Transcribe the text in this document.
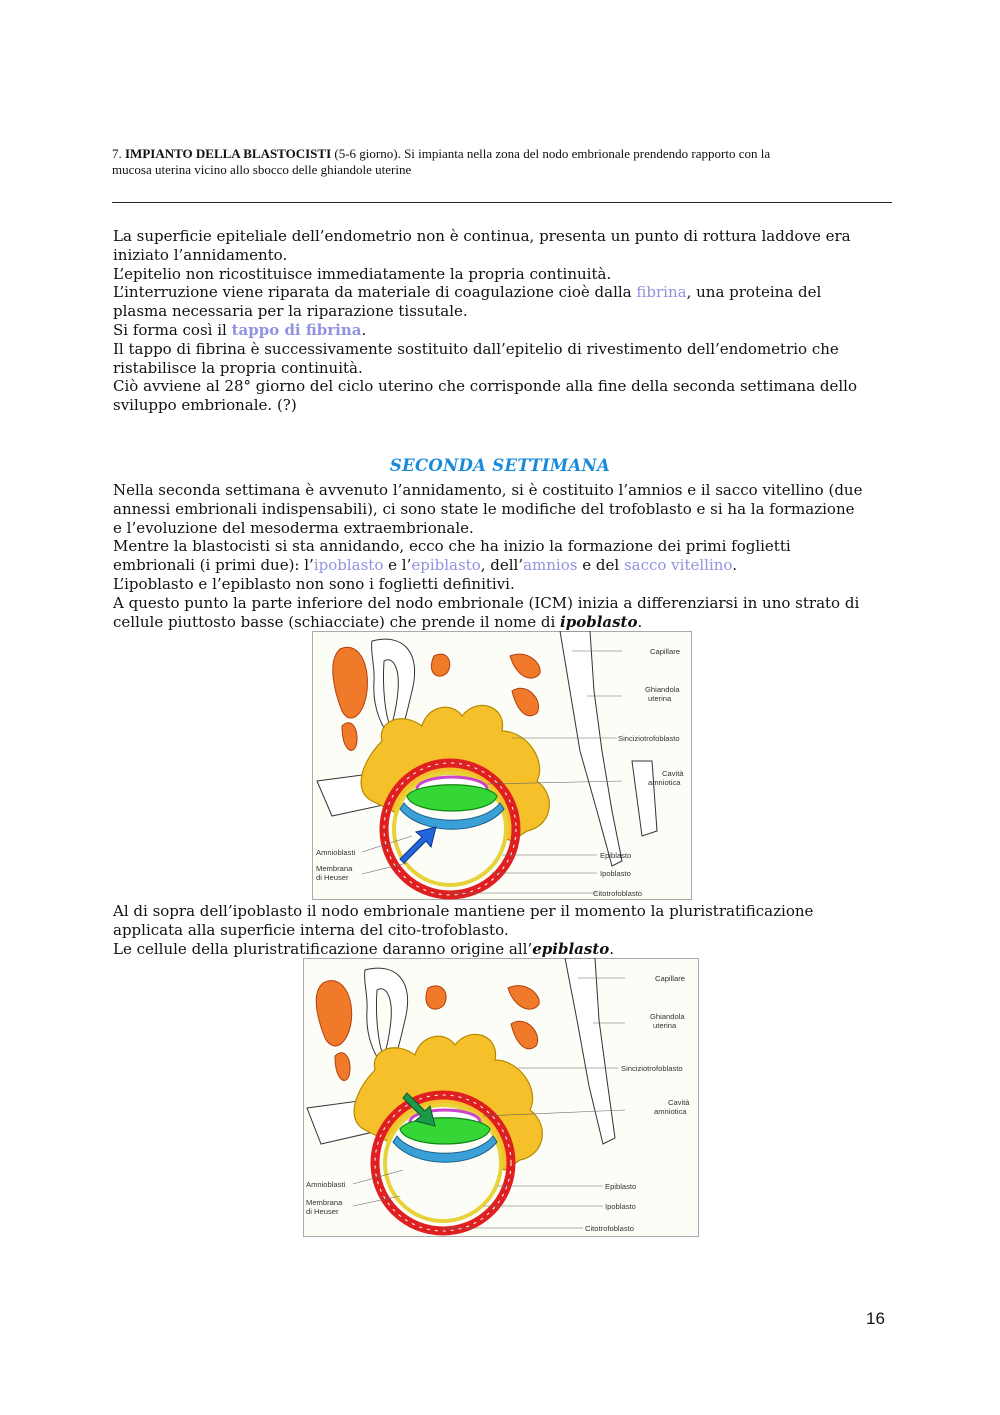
7. IMPIANTO DELLA BLASTOCISTI (5-6 giorno). Si impianta nella zona del nodo embrionale prendendo rapporto con la
mucosa uterina vicino allo sbocco delle ghiandole uterine

La superficie epiteliale dell’endometrio non è continua, presenta un punto di rottura laddove era

iniziato l’annidamento.

L’epitelio non ricostituisce immediatamente la propria continuità.

L’interruzione viene riparata da materiale di coagulazione cioè dalla fibrina, una proteina del

plasma necessaria per la riparazione tissutale.

Si forma così il tappo di fibrina.

Il tappo di fibrina è successivamente sostituito dall’epitelio di rivestimento dell’endometrio che

ristabilisce la propria continuità.

Ciò avviene al 28° giorno del ciclo uterino che corrisponde alla fine della seconda settimana dello

sviluppo embrionale. (?)

SECONDA SETTIMANA

Nella seconda settimana è avvenuto l’annidamento, si è costituito l’amnios e il sacco vitellino (due

annessi embrionali indispensabili), ci sono state le modifiche del trofoblasto e si ha la formazione

e l’evoluzione del mesoderma extraembrionale.

Mentre la blastocisti si sta annidando, ecco che ha inizio la formazione dei primi foglietti

embrionali (i primi due): l’ipoblasto e l’epiblasto, dell’amnios e del sacco vitellino.

L’ipoblasto e l’epiblasto non sono i foglietti definitivi.

A questo punto la parte inferiore del nodo embrionale (ICM) inizia a differenziarsi in uno strato di

cellule piuttosto basse (schiacciate) che prende il nome di ipoblasto.

Capillare
Ghiandola
uterina
Sinciziotrofoblasto
Cavità
amniotica
Amnioblasti
Membrana
di Heuser
Epiblasto
Ipoblasto
Citotrofoblasto

Al di sopra dell’ipoblasto il nodo embrionale mantiene per il momento la pluristratificazione

applicata alla superficie interna del cito-trofoblasto.

Le cellule della pluristratificazione daranno origine all’epiblasto.

Capillare
Ghiandola
uterina
Sinciziotrofoblasto
Cavità
amniotica
Amnioblasti
Membrana
di Heuser
Epiblasto
Ipoblasto
Citotrofoblasto
16
